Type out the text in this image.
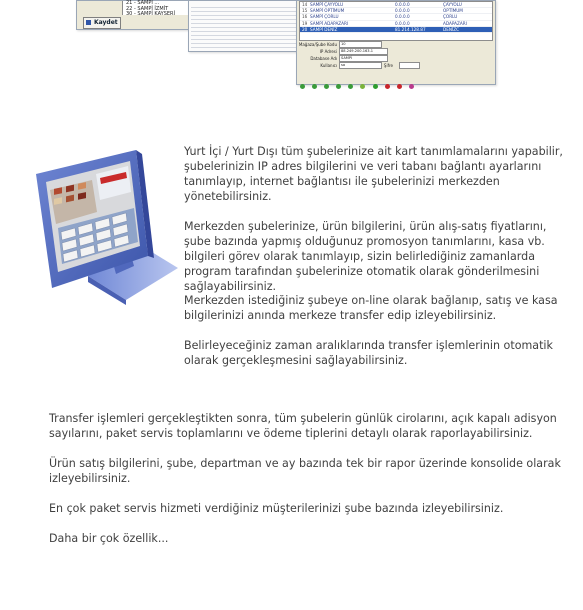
21 - SAMPİ ...
22 - SAMPİ İZMİT
30 - SAMPİ KAYSERİ
Kaydet
14 SAMPİ ÇAYYOLU	0.0.0.0	ÇAYYOLU
15 SAMPİ OPTİMUM	0.0.0.0	OPTİMUM
16 SAMPİ ÇORLU	0.0.0.0	ÇORLU
19 SAMPİ ADAPAZARI	0.0.0.0	ADAPAZARI
20 SAMPİ DENİZ	81.214.128.87	DENİZC
Mağaza/Şube Kodu	10
IP Adresi	88.249.200.163.1
Database Adı	SAMPİ
Kullanıcı	sa	Şifre

Yurt İçi / Yurt Dışı tüm şubelerinize ait kart tanımlamalarını yapabilir, şubelerinizin IP adres bilgilerini ve veri tabanı bağlantı ayarlarını tanımlayıp, internet bağlantısı ile şubelerinizi merkezden yönetebilirsiniz.

Merkezden şubelerinize, ürün bilgilerini, ürün alış-satış fiyatlarını, şube bazında yapmış olduğunuz promosyon tanımlarını, kasa vb. bilgileri görev olarak tanımlayıp, sizin belirlediğiniz zamanlarda program tarafından şubelerinize otomatik olarak gönderilmesini sağlayabilirsiniz.

Merkezden istediğiniz şubeye on-line olarak bağlanıp, satış ve kasa bilgilerinizi anında merkeze transfer edip izleyebilirsiniz.

Belirleyeceğiniz zaman aralıklarında transfer işlemlerinin otomatik olarak gerçekleşmesini sağlayabilirsiniz.

Transfer işlemleri gerçekleştikten sonra, tüm şubelerin günlük cirolarını, açık kapalı adisyon sayılarını, paket servis toplamlarını ve ödeme tiplerini detaylı olarak raporlayabilirsiniz.

Ürün satış bilgilerini, şube, departman ve ay bazında tek bir rapor üzerinde konsolide olarak izleyebilirsiniz.

En çok paket servis hizmeti verdiğiniz müşterilerinizi şube bazında izleyebilirsiniz.

Daha bir çok özellik...
